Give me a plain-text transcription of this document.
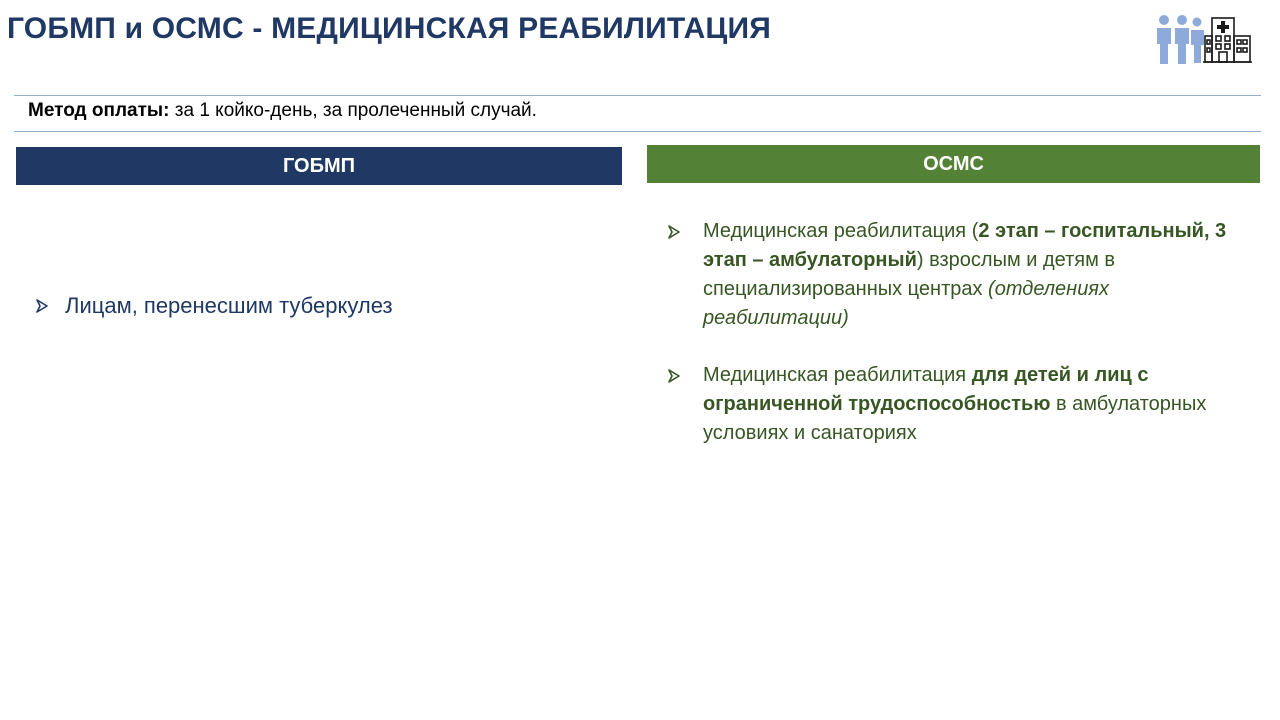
ГОБМП и ОСМС - МЕДИЦИНСКАЯ РЕАБИЛИТАЦИЯ
Метод оплаты: за 1 койко-день, за пролеченный случай.
ГОБМП	ОСМС
Лицам, перенесшим туберкулез
Медицинская реабилитация (2 этап – госпитальный, 3 этап – амбулаторный) взрослым и детям в специализированных центрах (отделениях реабилитации)
Медицинская реабилитация для детей и лиц с ограниченной трудоспособностью в амбулаторных условиях и санаториях
